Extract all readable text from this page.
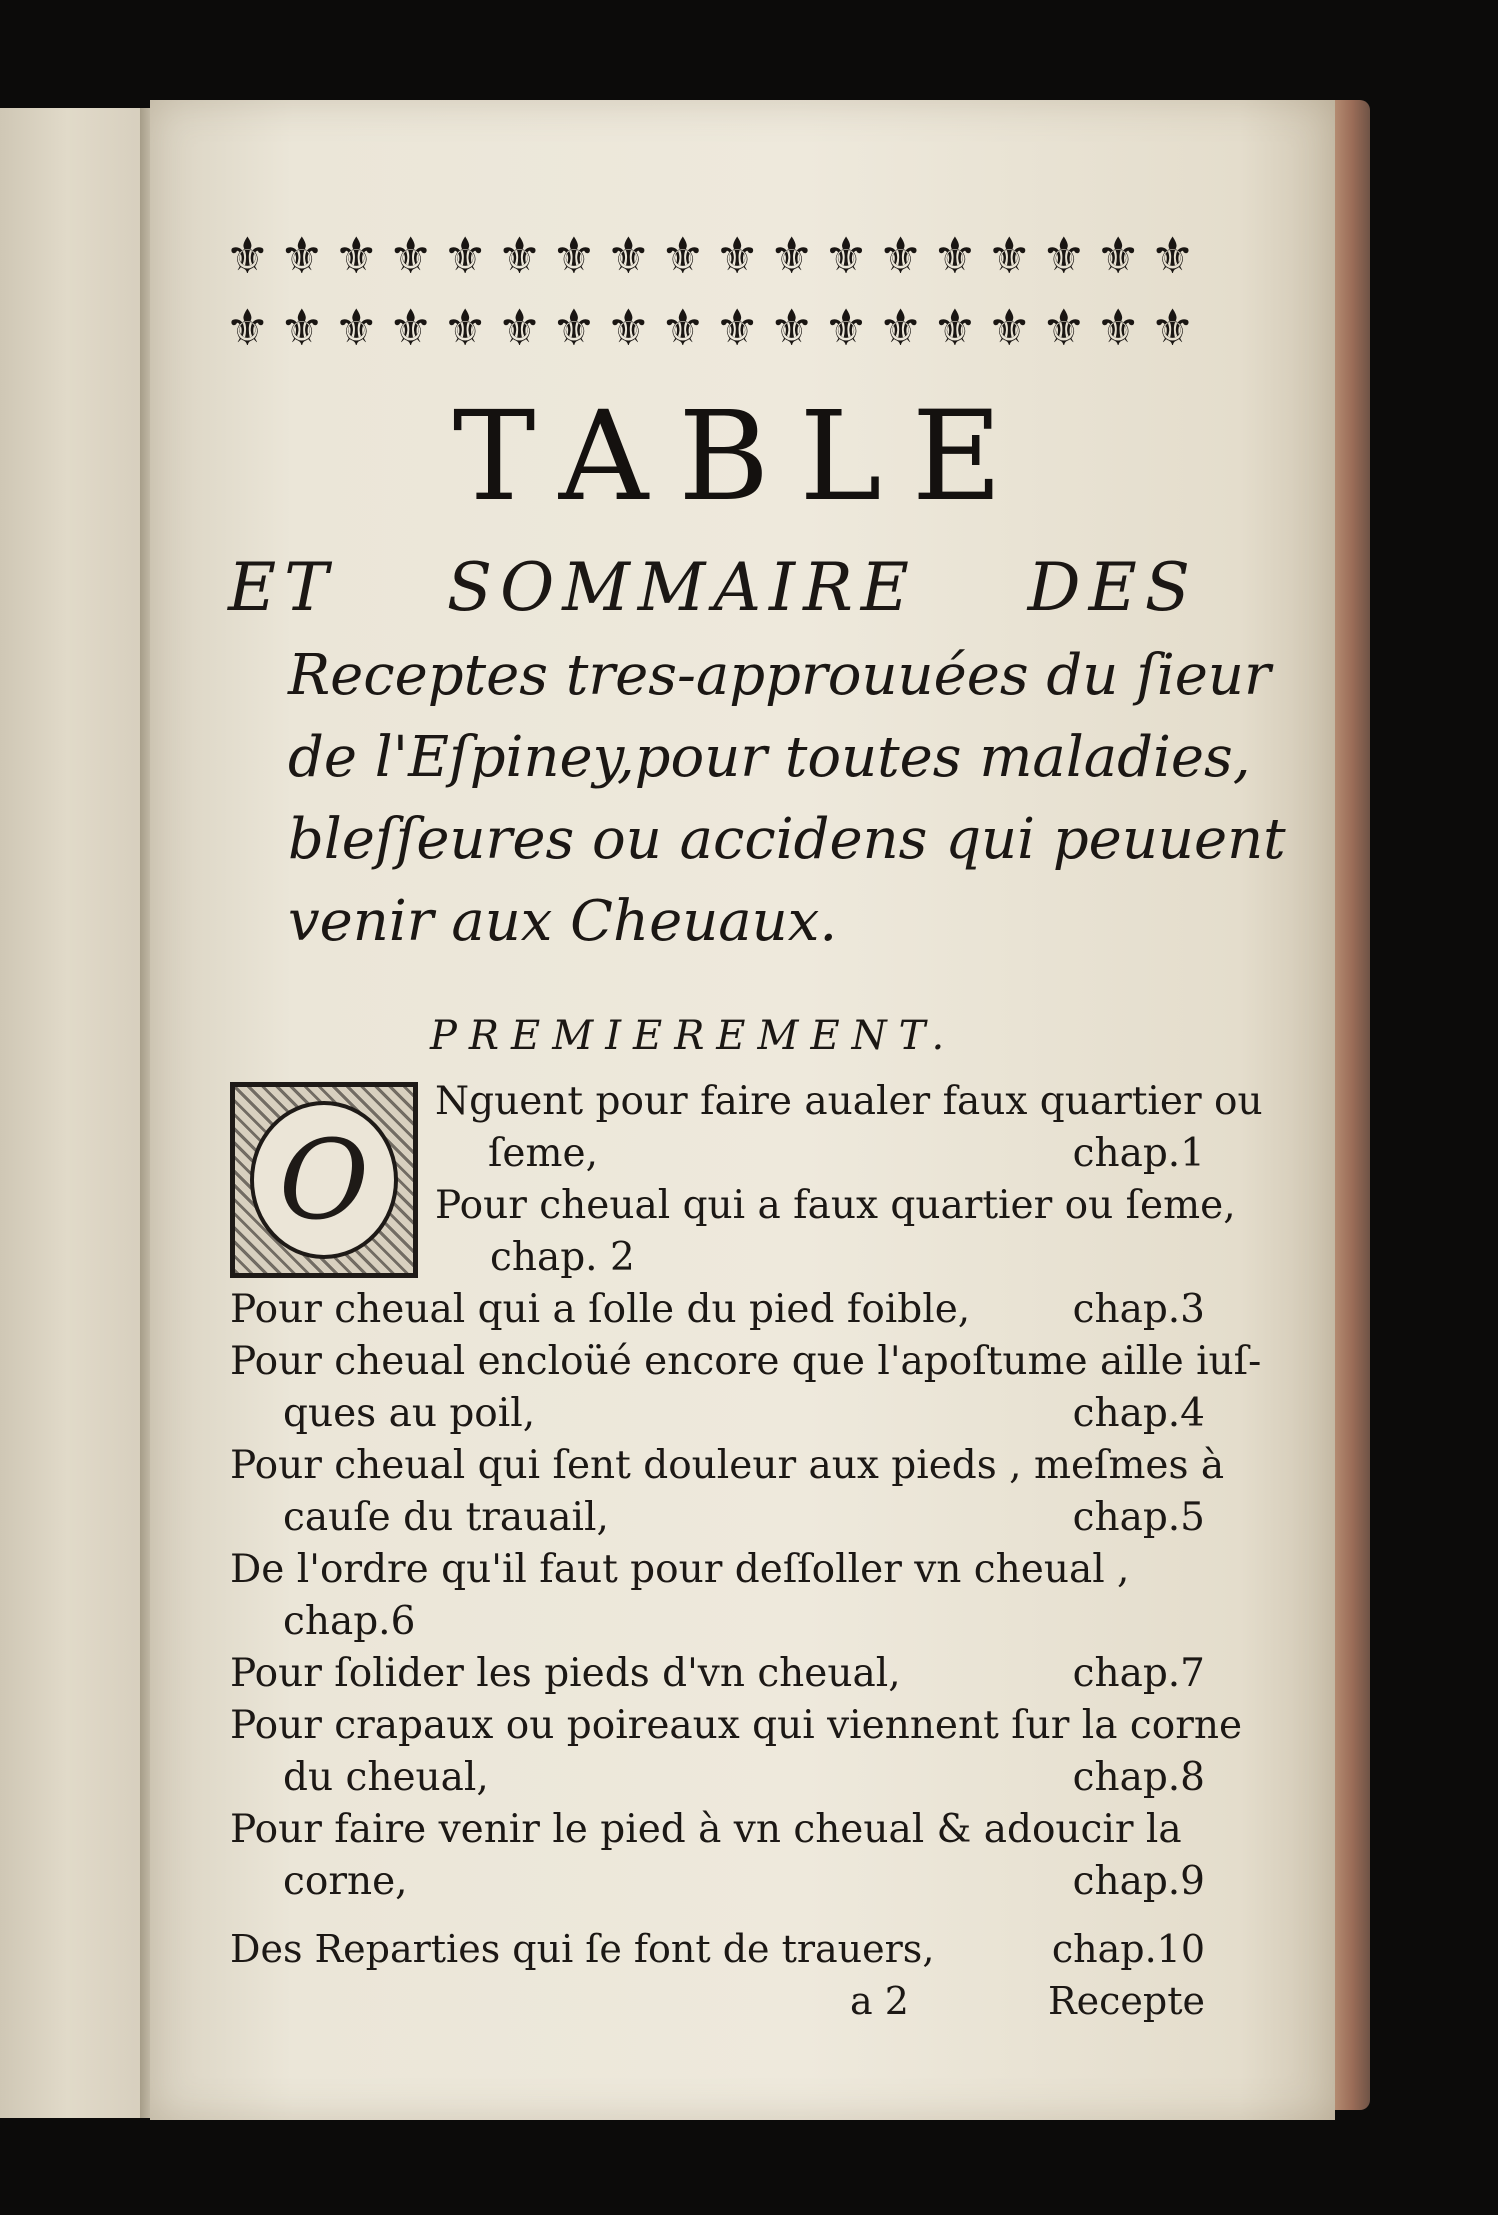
⚜ ⚜ ⚜ ⚜ ⚜ ⚜ ⚜ ⚜ ⚜ ⚜ ⚜ ⚜ ⚜ ⚜ ⚜ ⚜ ⚜ ⚜
⚜ ⚜ ⚜ ⚜ ⚜ ⚜ ⚜ ⚜ ⚜ ⚜ ⚜ ⚜ ⚜ ⚜ ⚜ ⚜ ⚜ ⚜
TABLE
ET SOMMAIRE DES
Receptes tres-approuuées du ſieur
de l'Eſpiney,pour toutes maladies,
bleſſeures ou accidens qui peuuent
venir aux Cheuaux.
PREMIEREMENT.
O
Nguent pour faire aualer faux quartier ou
ſeme,	chap.1
Pour cheual qui a faux quartier ou ſeme,
chap. 2
Pour cheual qui a ſolle du pied foible,	chap.3
Pour cheual encloüé encore que l'apoſtume aille iuſ-
ques au poil,	chap.4
Pour cheual qui ſent douleur aux pieds , meſmes à
cauſe du trauail,	chap.5
De l'ordre qu'il faut pour deſſoller vn cheual ,
chap.6
Pour ſolider les pieds d'vn cheual,	chap.7
Pour crapaux ou poireaux qui viennent ſur la corne
du cheual,	chap.8
Pour faire venir le pied à vn cheual & adoucir la
corne,	chap.9
Des Reparties qui ſe font de trauers,	chap.10
a 2	Recepte
